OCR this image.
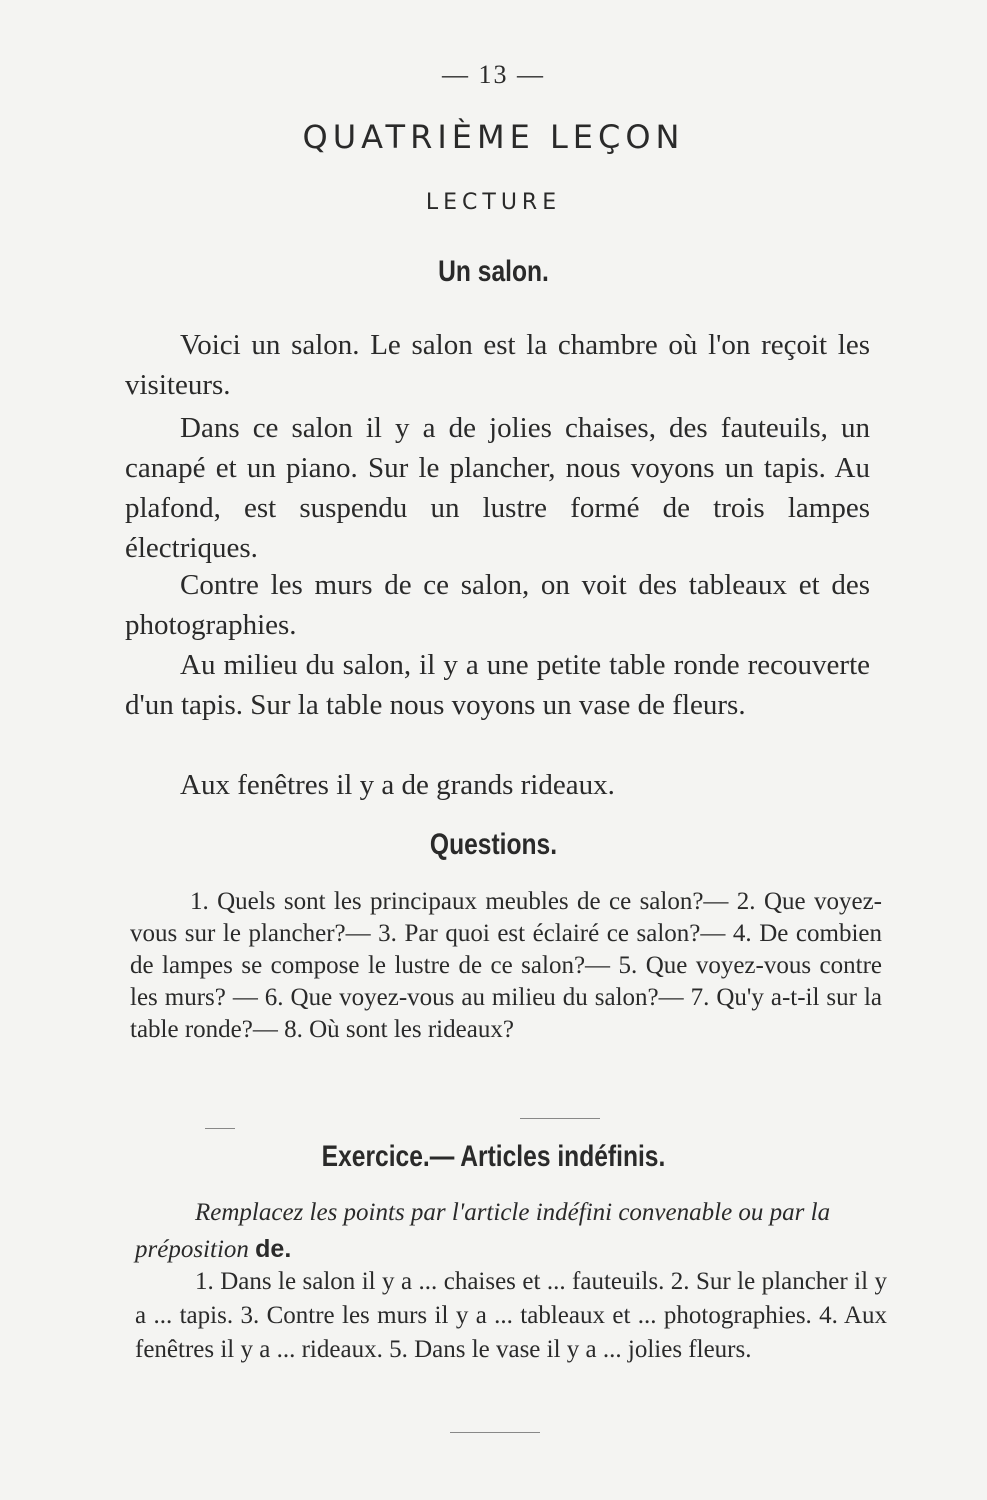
— 13 —
QUATRIÈME LEÇON
LECTURE
Un salon.
Voici un salon. Le salon est la chambre où l'on reçoit les visiteurs.
Dans ce salon il y a de jolies chaises, des fauteuils, un canapé et un piano. Sur le plancher, nous voyons un tapis. Au plafond, est suspendu un lustre formé de trois lampes électriques.
Contre les murs de ce salon, on voit des tableaux et des photographies.
Au milieu du salon, il y a une petite table ronde recouverte d'un tapis. Sur la table nous voyons un vase de fleurs.
Aux fenêtres il y a de grands rideaux.
Questions.
1. Quels sont les principaux meubles de ce salon?— 2. Que voyez-vous sur le plancher?— 3. Par quoi est éclairé ce salon?— 4. De combien de lampes se compose le lustre de ce salon?— 5. Que voyez-vous contre les murs? — 6. Que voyez-vous au milieu du salon?— 7. Qu'y a-t-il sur la table ronde?— 8. Où sont les rideaux?
Exercice.— Articles indéfinis.
Remplacez les points par l'article indéfini convenable ou par la préposition de.
1. Dans le salon il y a ... chaises et ... fauteuils. 2. Sur le plancher il y a ... tapis. 3. Contre les murs il y a ... tableaux et ... photographies. 4. Aux fenêtres il y a ... rideaux. 5. Dans le vase il y a ... jolies fleurs.
